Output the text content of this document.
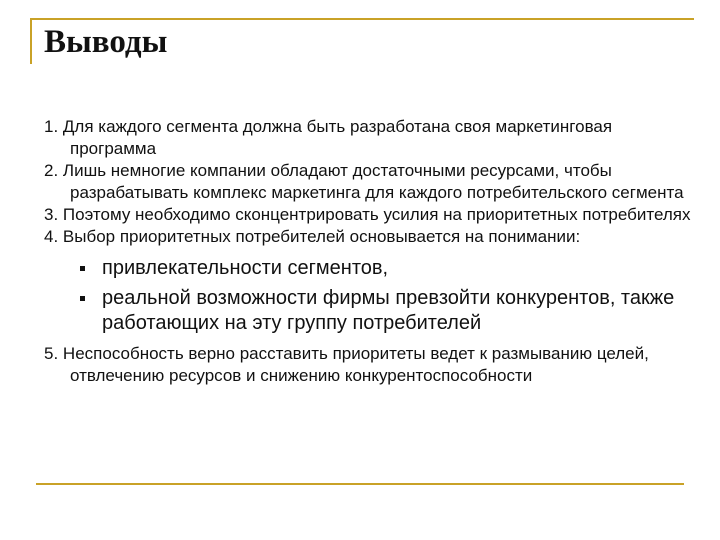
Выводы

1. Для каждого сегмента должна быть разработана своя маркетинговая программа

2. Лишь немногие компании обладают достаточными ресурсами, чтобы разрабатывать комплекс маркетинга для каждого потребительского сегмента

3. Поэтому необходимо сконцентрировать усилия на приоритетных потребителях

4. Выбор приоритетных потребителей основывается на понимании:

привлекательности сегментов,

реальной возможности фирмы превзойти конкурентов, также работающих на эту группу потребителей

5. Неспособность верно расставить приоритеты ведет к размыванию целей, отвлечению ресурсов и снижению конкурентоспособности
